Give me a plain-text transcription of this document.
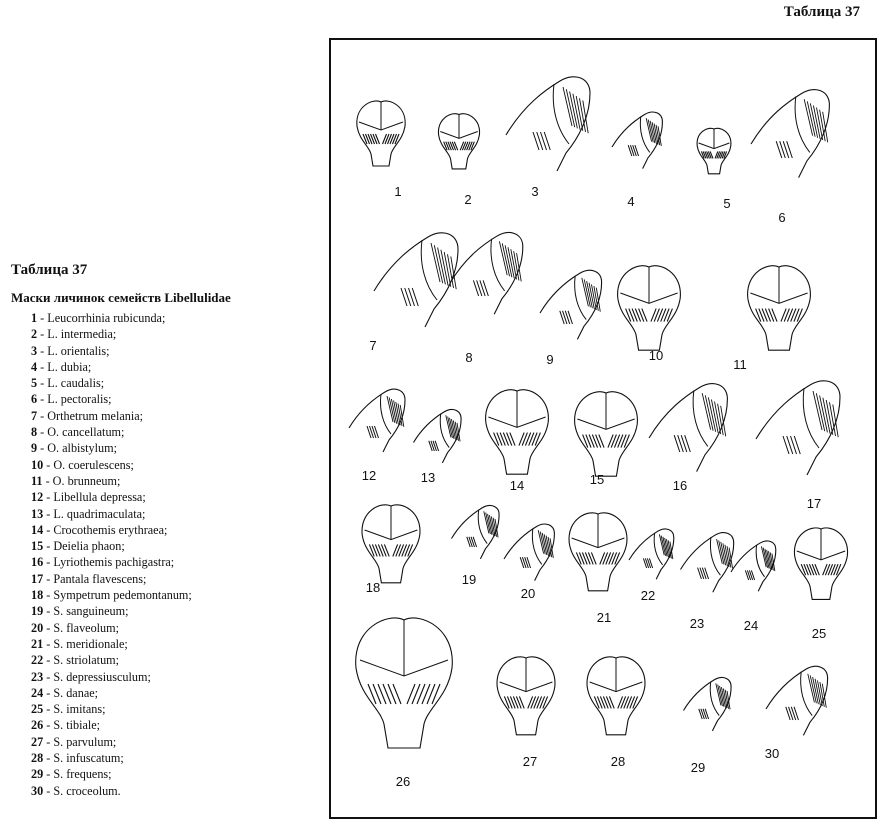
Таблица 37
Таблица 37
Маски личинок семейств Libellulidae
1 - Leucorrhinia rubicunda;
2 - L. intermedia;
3 - L. orientalis;
4 - L. dubia;
5 - L. caudalis;
6 - L. pectoralis;
7 - Orthetrum melania;
8 - O. cancellatum;
9 - O. albistylum;
10 - O. coerulescens;
11 - O. brunneum;
12 - Libellula depressa;
13 - L. quadrimaculata;
14 - Crocothemis erythraea;
15 - Deielia phaon;
16 - Lyriothemis pachigastra;
17 - Pantala flavescens;
18 - Sympetrum pedemontanum;
19 - S. sanguineum;
20 - S. flaveolum;
21 - S. meridionale;
22 - S. striolatum;
23 - S. depressiusculum;
24 - S. danae;
25 - S. imitans;
26 - S. tibiale;
27 - S. parvulum;
28 - S. infuscatum;
29 - S. frequens;
30 - S. croceolum.
1
2
3
4	5
6
7
8	9	10
11
12	13
14	15	16
17
18
19
20
21
22
23	24
25
26
27	28	29
30
